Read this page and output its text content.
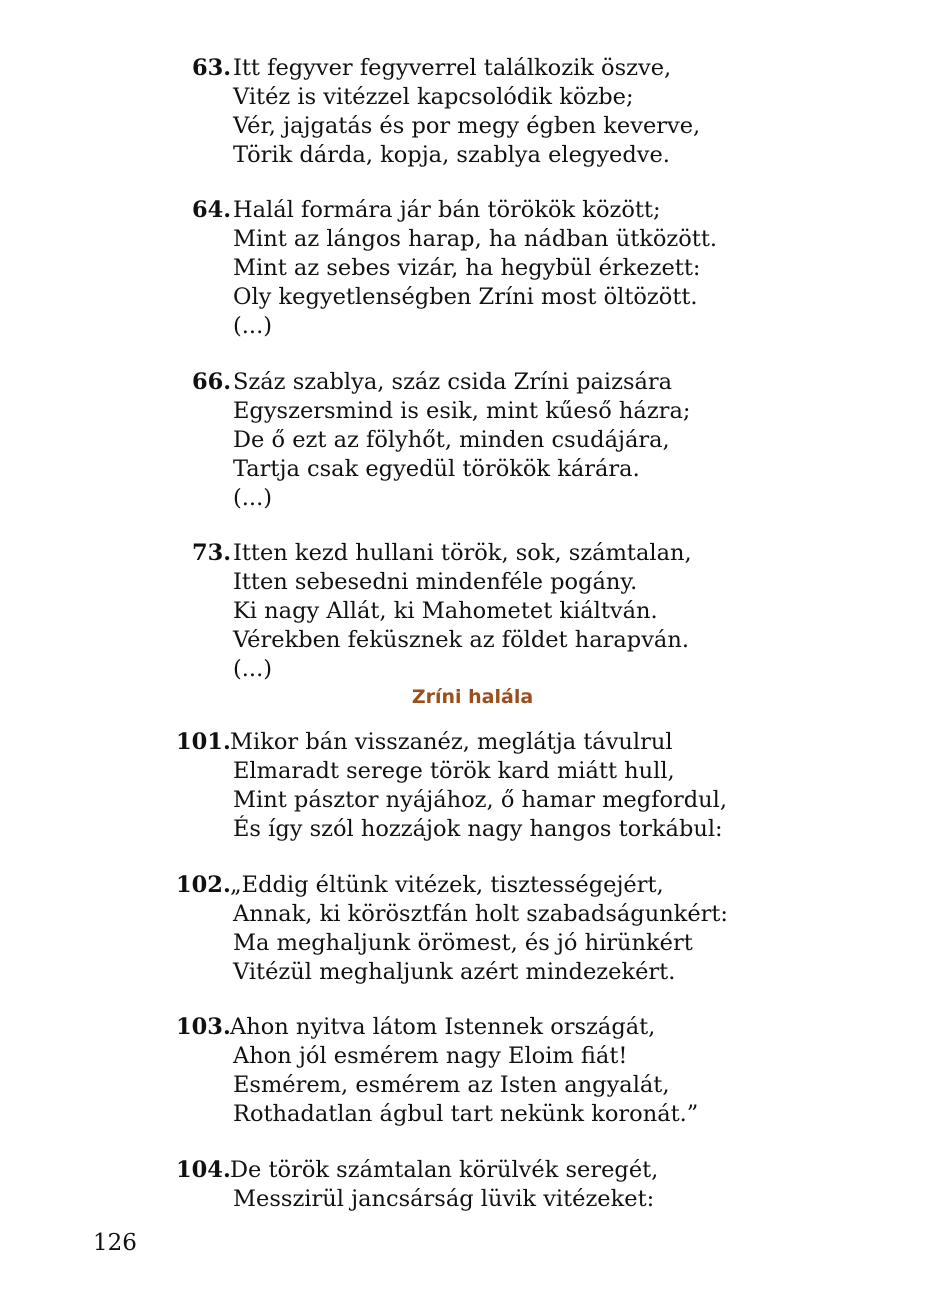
63. Itt fegyver fegyverrel találkozik öszve,
Vitéz is vitézzel kapcsolódik közbe;
Vér, jajgatás és por megy égben keverve,
Törik dárda, kopja, szablya elegyedve.
64. Halál formára jár bán törökök között;
Mint az lángos harap, ha nádban ütközött.
Mint az sebes vizár, ha hegybül érkezett:
Oly kegyetlenségben Zríni most öltözött.
(...)
66. Száz szablya, száz csida Zríni paizsára
Egyszersmind is esik, mint kűeső házra;
De ő ezt az fölyhőt, minden csudájára,
Tartja csak egyedül törökök kárára.
(...)
73. Itten kezd hullani török, sok, számtalan,
Itten sebesedni mindenféle pogány.
Ki nagy Allát, ki Mahometet kiáltván.
Vérekben feküsznek az földet harapván.
(...)
Zríni halála
101. Mikor bán visszanéz, meglátja távulrul
Elmaradt serege török kard miátt hull,
Mint pásztor nyájához, ő hamar megfordul,
És így szól hozzájok nagy hangos torkábul:
102. „Eddig éltünk vitézek, tisztességejért,
Annak, ki körösztfán holt szabadságunkért:
Ma meghaljunk örömest, és jó hirünkért
Vitézül meghaljunk azért mindezekért.
103. Ahon nyitva látom Istennek országát,
Ahon jól esmérem nagy Eloim fiát!
Esmérem, esmérem az Isten angyalát,
Rothadatlan ágbul tart nekünk koronát.”
104. De török számtalan körülvék seregét,
Messzirül jancsárság lüvik vitézeket:
126
